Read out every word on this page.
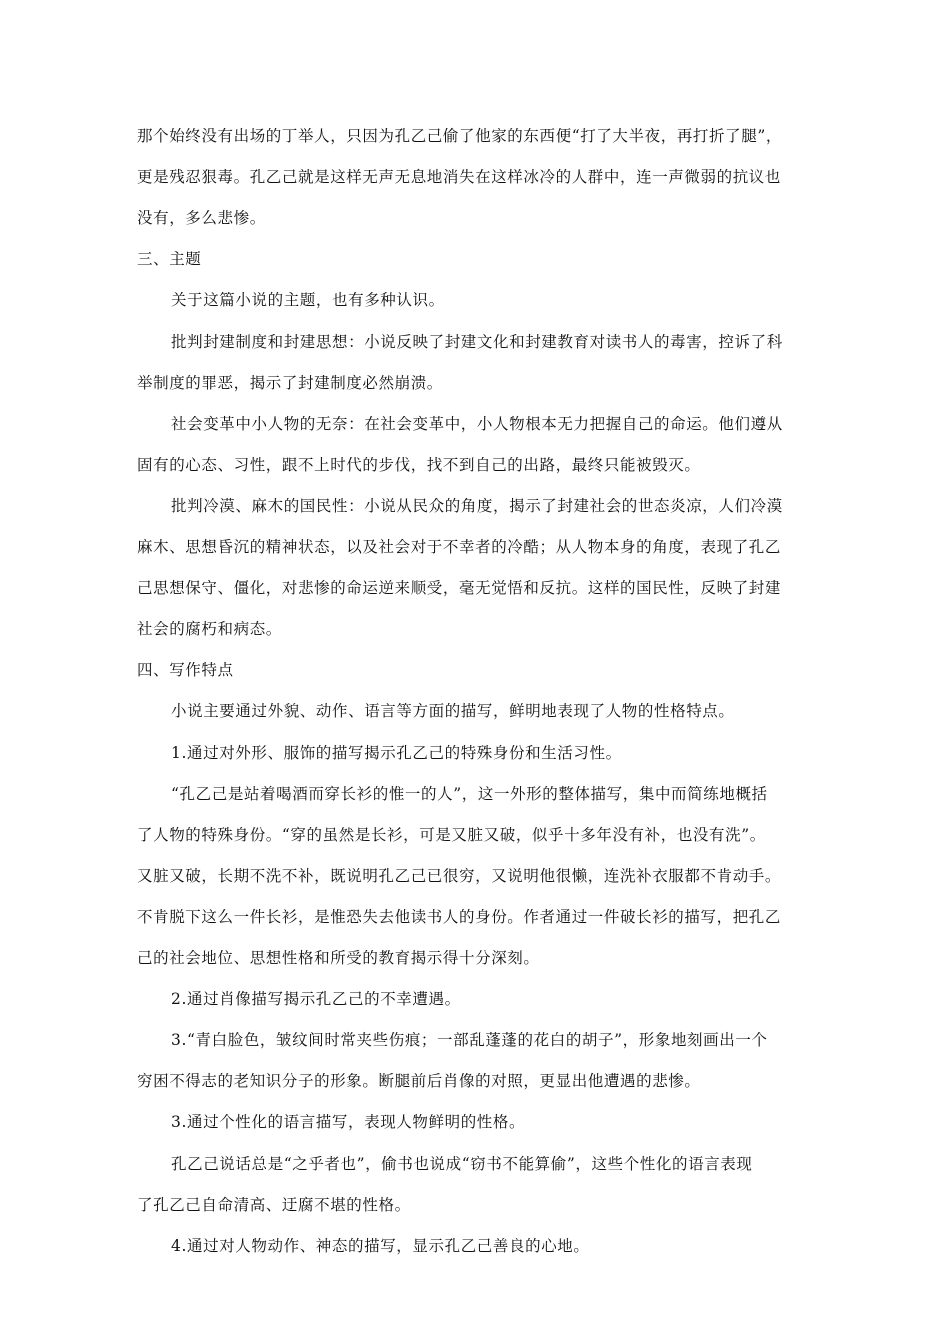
那个始终没有出场的丁举人，只因为孔乙己偷了他家的东西便“打了大半夜，再打折了腿”，
更是残忍狠毒。孔乙己就是这样无声无息地消失在这样冰冷的人群中，连一声微弱的抗议也
没有，多么悲惨。
三、主题
关于这篇小说的主题，也有多种认识。
批判封建制度和封建思想：小说反映了封建文化和封建教育对读书人的毒害，控诉了科
举制度的罪恶，揭示了封建制度必然崩溃。
社会变革中小人物的无奈：在社会变革中，小人物根本无力把握自己的命运。他们遵从
固有的心态、习性，跟不上时代的步伐，找不到自己的出路，最终只能被毁灭。
批判冷漠、麻木的国民性：小说从民众的角度，揭示了封建社会的世态炎凉，人们冷漠
麻木、思想昏沉的精神状态，以及社会对于不幸者的冷酷；从人物本身的角度，表现了孔乙
己思想保守、僵化，对悲惨的命运逆来顺受，毫无觉悟和反抗。这样的国民性，反映了封建
社会的腐朽和病态。
四、写作特点
小说主要通过外貌、动作、语言等方面的描写，鲜明地表现了人物的性格特点。
1.通过对外形、服饰的描写揭示孔乙己的特殊身份和生活习性。
“孔乙己是站着喝酒而穿长衫的惟一的人”，这一外形的整体描写，集中而简练地概括
了人物的特殊身份。“穿的虽然是长衫，可是又脏又破，似乎十多年没有补，也没有洗”。
又脏又破，长期不洗不补，既说明孔乙己已很穷，又说明他很懒，连洗补衣服都不肯动手。
不肯脱下这么一件长衫，是惟恐失去他读书人的身份。作者通过一件破长衫的描写，把孔乙
己的社会地位、思想性格和所受的教育揭示得十分深刻。
2.通过肖像描写揭示孔乙己的不幸遭遇。
3.“青白脸色，皱纹间时常夹些伤痕；一部乱蓬蓬的花白的胡子”，形象地刻画出一个
穷困不得志的老知识分子的形象。断腿前后肖像的对照，更显出他遭遇的悲惨。
3.通过个性化的语言描写，表现人物鲜明的性格。
孔乙己说话总是“之乎者也”，偷书也说成“窃书不能算偷”，这些个性化的语言表现
了孔乙己自命清高、迂腐不堪的性格。
4.通过对人物动作、神态的描写，显示孔乙己善良的心地。
